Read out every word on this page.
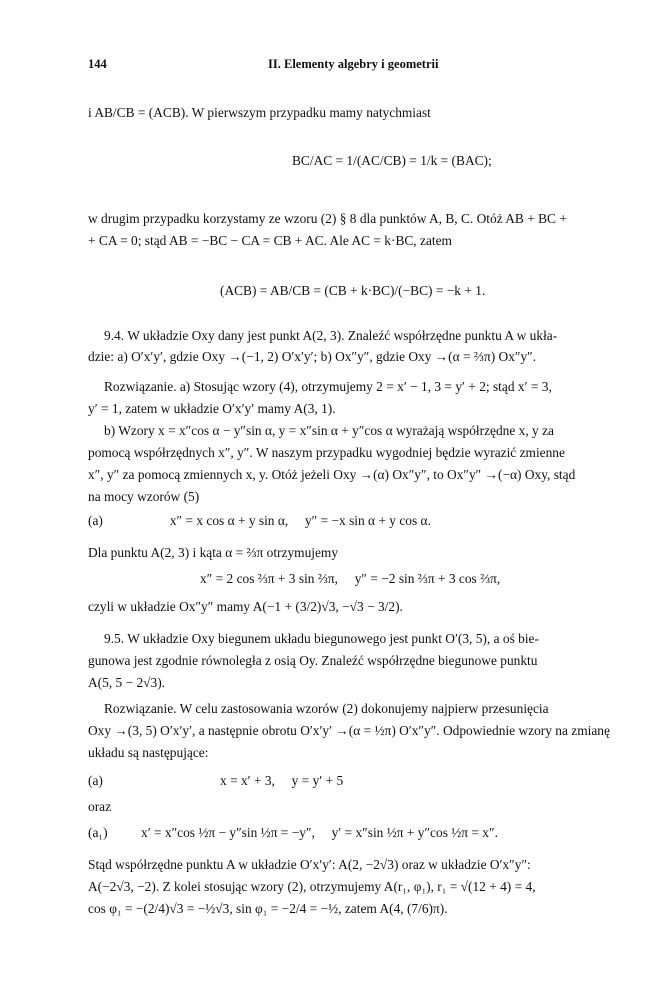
144	II. Elementy algebry i geometrii
i AB/CB = (ACB). W pierwszym przypadku mamy natychmiast
BC/AC = 1/(AC/CB) = 1/k = (BAC);
w drugim przypadku korzystamy ze wzoru (2) § 8 dla punktów A, B, C. Otóż AB + BC +
+ CA = 0; stąd AB = −BC − CA = CB + AC. Ale AC = k·BC, zatem
(ACB) = AB/CB = (CB + k·BC)/(−BC) = −k + 1.
9.4. W układzie Oxy dany jest punkt A(2, 3). Znaleźć współrzędne punktu A w ukła-
dzie: a) O′x′y′, gdzie Oxy →(−1, 2) O′x′y′; b) Ox″y″, gdzie Oxy →(α = ⅔π) Ox″y″.
Rozwiązanie. a) Stosując wzory (4), otrzymujemy 2 = x′ − 1, 3 = y′ + 2; stąd x′ = 3,
y′ = 1, zatem w układzie O′x′y′ mamy A(3, 1).
b) Wzory x = x″cos α − y″sin α, y = x″sin α + y″cos α wyrażają współrzędne x, y za
pomocą współrzędnych x″, y″. W naszym przypadku wygodniej będzie wyrazić zmienne
x″, y″ za pomocą zmiennych x, y. Otóż jeżeli Oxy →(α) Ox″y″, to Ox″y″ →(−α) Oxy, stąd
na mocy wzorów (5)
(a)                    x″ = x cos α + y sin α,     y″ = −x sin α + y cos α.
Dla punktu A(2, 3) i kąta α = ⅔π otrzymujemy
x″ = 2 cos ⅔π + 3 sin ⅔π,     y″ = −2 sin ⅔π + 3 cos ⅔π,
czyli w układzie Ox″y″ mamy A(−1 + (3/2)√3, −√3 − 3/2).
9.5. W układzie Oxy biegunem układu biegunowego jest punkt O′(3, 5), a oś bie-
gunowa jest zgodnie równoległa z osią Oy. Znaleźć współrzędne biegunowe punktu
A(5, 5 − 2√3).
Rozwiązanie. W celu zastosowania wzorów (2) dokonujemy najpierw przesunięcia
Oxy →(3, 5) O′x′y′, a następnie obrotu O′x′y′ →(α = ½π) O′x″y″. Odpowiednie wzory na zmianę
układu są następujące:
(a)                                   x = x′ + 3,     y = y′ + 5
oraz
(a₁)          x′ = x″cos ½π − y″sin ½π = −y″,     y′ = x″sin ½π + y″cos ½π = x″.
Stąd współrzędne punktu A w układzie O′x′y′: A(2, −2√3) oraz w układzie O′x″y″:
A(−2√3, −2). Z kolei stosując wzory (2), otrzymujemy A(r₁, φ₁), r₁ = √(12 + 4) = 4,
cos φ₁ = −(2/4)√3 = −½√3, sin φ₁ = −2/4 = −½, zatem A(4, (7/6)π).
